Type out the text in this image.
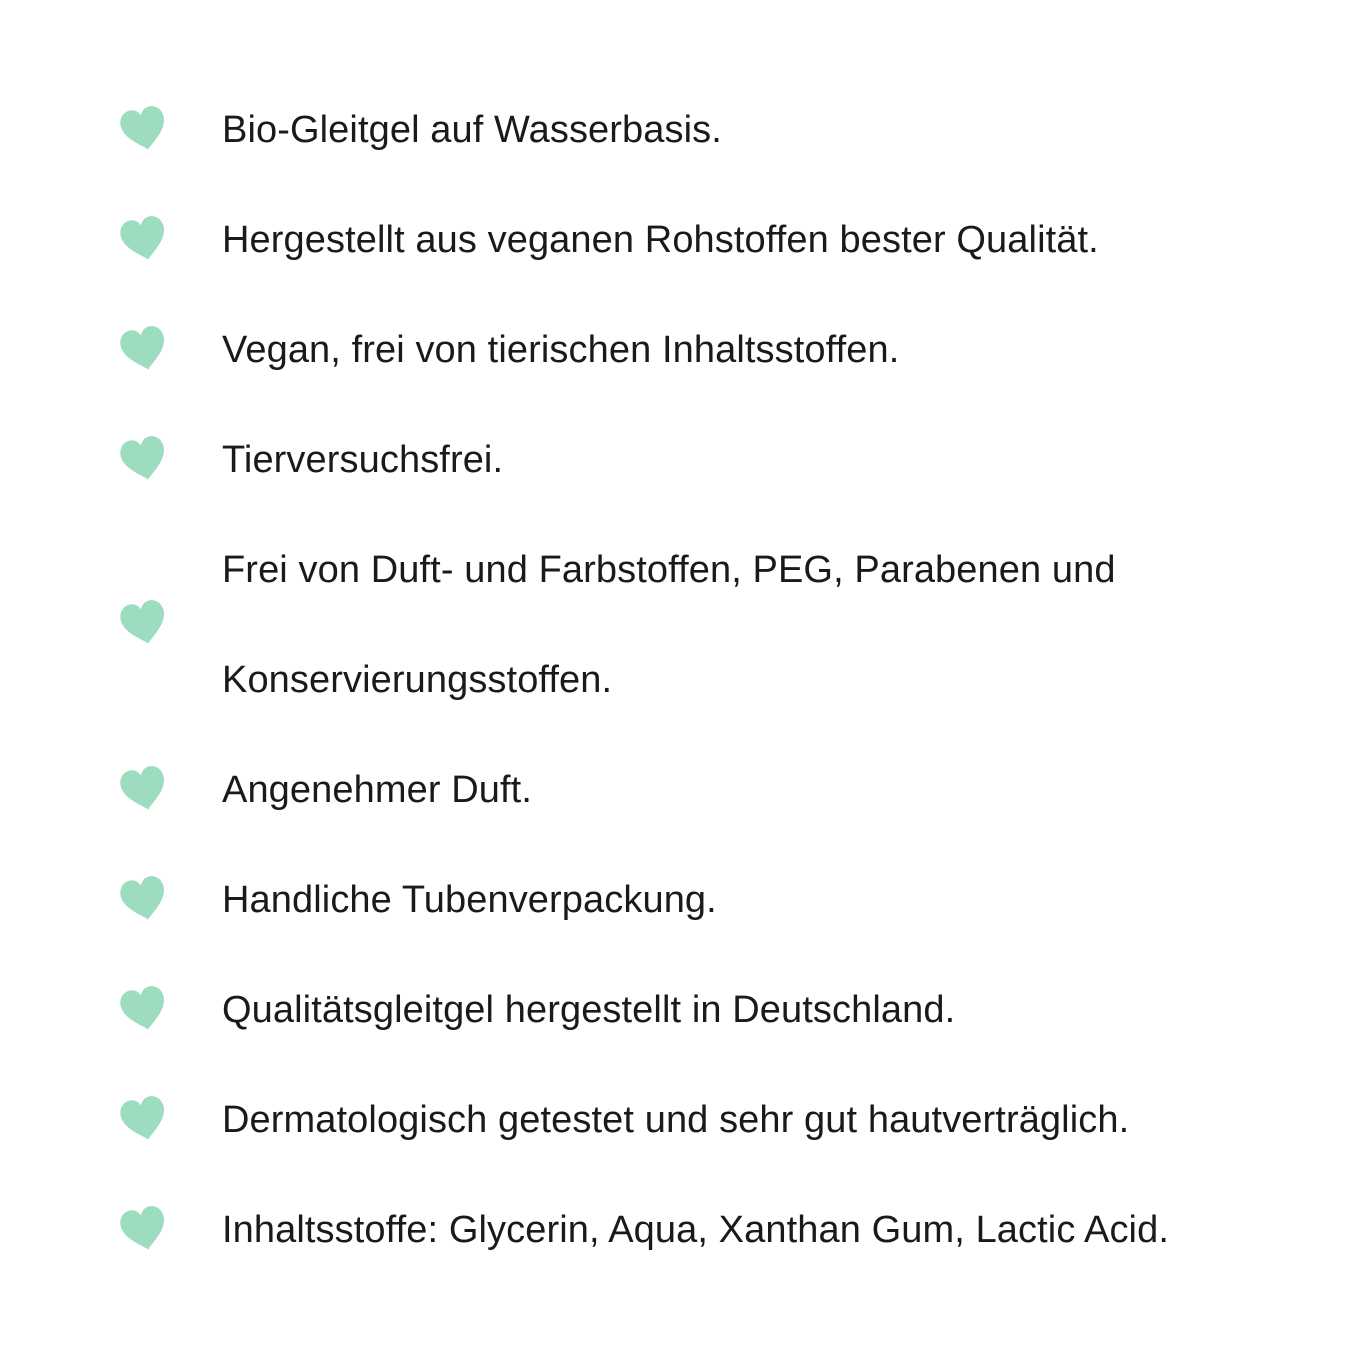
Bio-Gleitgel auf Wasserbasis.
Hergestellt aus veganen Rohstoffen bester Qualität.
Vegan, frei von tierischen Inhaltsstoffen.
Tierversuchsfrei.
Frei von Duft- und Farbstoffen, PEG, Parabenen und
Konservierungsstoffen.
Angenehmer Duft.
Handliche Tubenverpackung.
Qualitätsgleitgel hergestellt in Deutschland.
Dermatologisch getestet und sehr gut hautverträglich.
Inhaltsstoffe: Glycerin, Aqua, Xanthan Gum, Lactic Acid.
